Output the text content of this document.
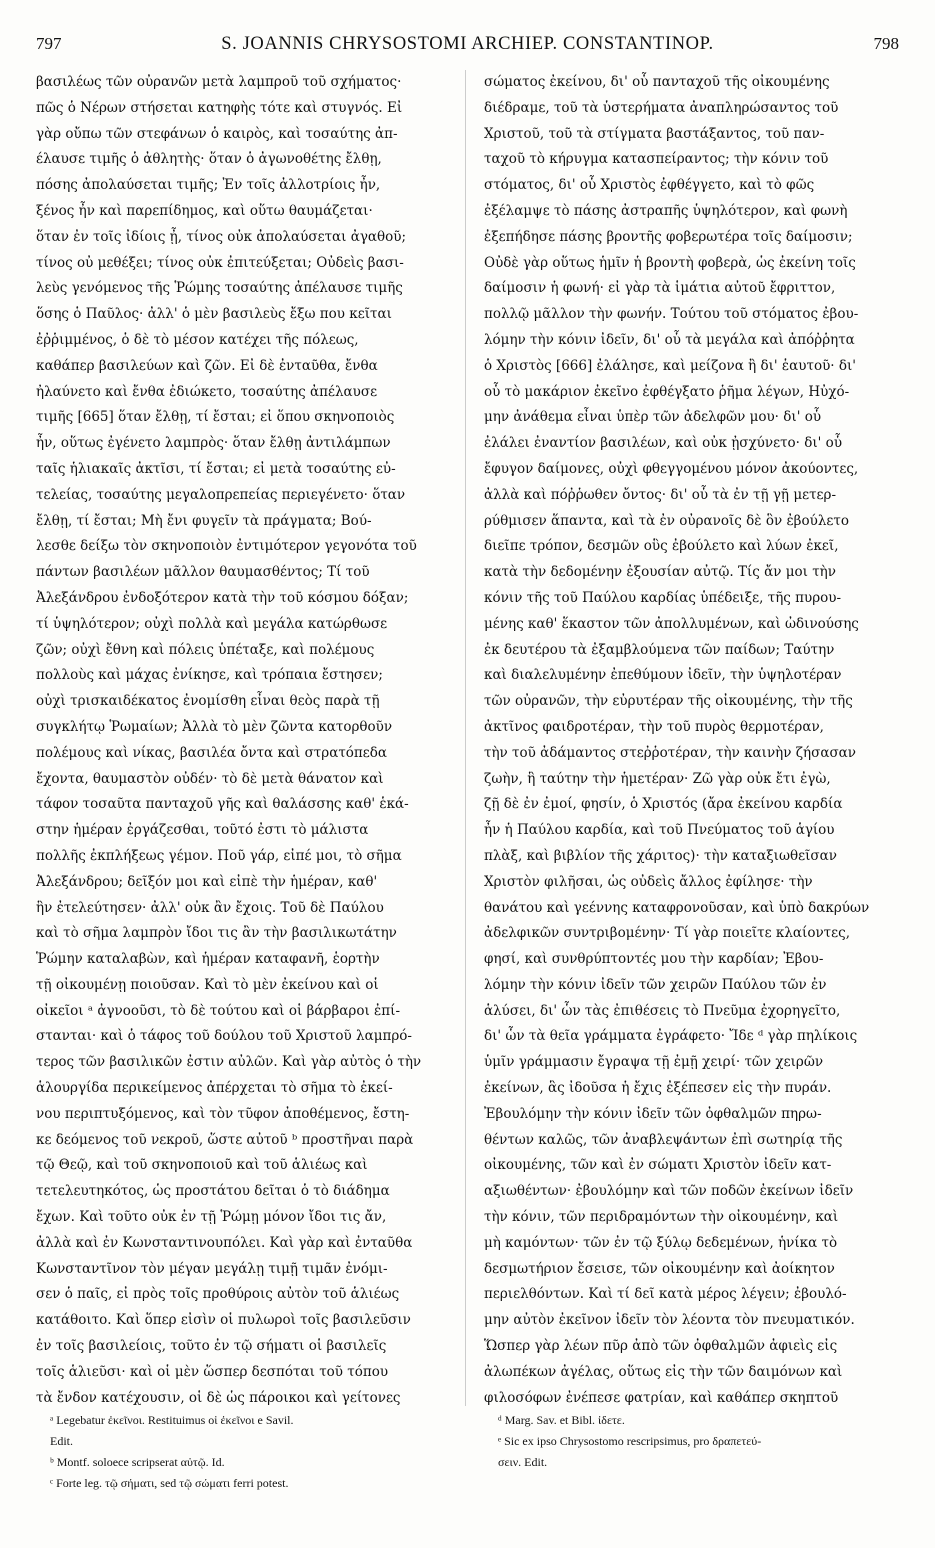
797	S. JOANNIS CHRYSOSTOMI ARCHIEP. CONSTANTINOP.	798
βασιλέως τῶν οὐρανῶν μετὰ λαμπροῦ τοῦ σχήματος·
πῶς ὁ Νέρων στήσεται κατηφὴς τότε καὶ στυγνός. Εἰ
γὰρ οὔπω τῶν στεφάνων ὁ καιρὸς, καὶ τοσαύτης ἀπ-
έλαυσε τιμῆς ὁ ἀθλητὴς· ὅταν ὁ ἀγωνοθέτης ἔλθῃ,
πόσης ἀπολαύσεται τιμῆς; Ἐν τοῖς ἀλλοτρίοις ἦν,
ξένος ἦν καὶ παρεπίδημος, καὶ οὕτω θαυμάζεται·
ὅταν ἐν τοῖς ἰδίοις ᾖ, τίνος οὐκ ἀπολαύσεται ἀγαθοῦ;
τίνος οὐ μεθέξει; τίνος οὐκ ἐπιτεύξεται; Οὐδεὶς βασι-
λεὺς γενόμενος τῆς Ῥώμης τοσαύτης ἀπέλαυσε τιμῆς
ὅσης ὁ Παῦλος· ἀλλ' ὁ μὲν βασιλεὺς ἔξω που κεῖται
ἐῤῥιμμένος, ὁ δὲ τὸ μέσον κατέχει τῆς πόλεως,
καθάπερ βασιλεύων καὶ ζῶν. Εἰ δὲ ἐνταῦθα, ἔνθα
ἠλαύνετο καὶ ἔνθα ἐδιώκετο, τοσαύτης ἀπέλαυσε
τιμῆς [665] ὅταν ἔλθῃ, τί ἔσται; εἰ ὅπου σκηνοποιὸς
ἦν, οὕτως ἐγένετο λαμπρὸς· ὅταν ἔλθῃ ἀντιλάμπων
ταῖς ἡλιακαῖς ἀκτῖσι, τί ἔσται; εἰ μετὰ τοσαύτης εὐ-
τελείας, τοσαύτης μεγαλοπρεπείας περιεγένετο· ὅταν
ἔλθῃ, τί ἔσται; Μὴ ἔνι φυγεῖν τὰ πράγματα; Βού-
λεσθε δείξω τὸν σκηνοποιὸν ἐντιμότερον γεγονότα τοῦ
πάντων βασιλέων μᾶλλον θαυμασθέντος; Τί τοῦ
Ἀλεξάνδρου ἐνδοξότερον κατὰ τὴν τοῦ κόσμου δόξαν;
τί ὑψηλότερον; οὐχὶ πολλὰ καὶ μεγάλα κατώρθωσε
ζῶν; οὐχὶ ἔθνη καὶ πόλεις ὑπέταξε, καὶ πολέμους
πολλοὺς καὶ μάχας ἐνίκησε, καὶ τρόπαια ἔστησεν;
οὐχὶ τρισκαιδέκατος ἐνομίσθη εἶναι θεὸς παρὰ τῇ
συγκλήτῳ Ῥωμαίων; Ἀλλὰ τὸ μὲν ζῶντα κατορθοῦν
πολέμους καὶ νίκας, βασιλέα ὄντα καὶ στρατόπεδα
ἔχοντα, θαυμαστὸν οὐδέν· τὸ δὲ μετὰ θάνατον καὶ
τάφον τοσαῦτα πανταχοῦ γῆς καὶ θαλάσσης καθ' ἑκά-
στην ἡμέραν ἐργάζεσθαι, τοῦτό ἐστι τὸ μάλιστα
πολλῆς ἐκπλήξεως γέμον. Ποῦ γάρ, εἰπέ μοι, τὸ σῆμα
Ἀλεξάνδρου; δεῖξόν μοι καὶ εἰπὲ τὴν ἡμέραν, καθ'
ἣν ἐτελεύτησεν· ἀλλ' οὐκ ἂν ἔχοις. Τοῦ δὲ Παύλου
καὶ τὸ σῆμα λαμπρὸν ἴδοι τις ἂν τὴν βασιλικωτάτην
Ῥώμην καταλαβὼν, καὶ ἡμέραν καταφανῆ, ἑορτὴν
τῇ οἰκουμένῃ ποιοῦσαν. Καὶ τὸ μὲν ἐκείνου καὶ οἱ
οἰκεῖοι ᵃ ἀγνοοῦσι, τὸ δὲ τούτου καὶ οἱ βάρβαροι ἐπί-
στανται· καὶ ὁ τάφος τοῦ δούλου τοῦ Χριστοῦ λαμπρό-
τερος τῶν βασιλικῶν ἐστιν αὐλῶν. Καὶ γὰρ αὐτὸς ὁ τὴν
ἁλουργίδα περικείμενος ἀπέρχεται τὸ σῆμα τὸ ἐκεί-
νου περιπτυξόμενος, καὶ τὸν τῦφον ἀποθέμενος, ἔστη-
κε δεόμενος τοῦ νεκροῦ, ὥστε αὐτοῦ ᵇ προστῆναι παρὰ
τῷ Θεῷ, καὶ τοῦ σκηνοποιοῦ καὶ τοῦ ἁλιέως καὶ
τετελευτηκότος, ὡς προστάτου δεῖται ὁ τὸ διάδημα
ἔχων. Καὶ τοῦτο οὐκ ἐν τῇ Ῥώμῃ μόνον ἴδοι τις ἄν,
ἀλλὰ καὶ ἐν Κωνσταντινουπόλει. Καὶ γὰρ καὶ ἐνταῦθα
Κωνσταντῖνον τὸν μέγαν μεγάλῃ τιμῇ τιμᾶν ἐνόμι-
σεν ὁ παῖς, εἰ πρὸς τοῖς προθύροις αὐτὸν τοῦ ἁλιέως
κατάθοιτο. Καὶ ὅπερ εἰσὶν οἱ πυλωροὶ τοῖς βασιλεῦσιν
ἐν τοῖς βασιλείοις, τοῦτο ἐν τῷ σήματι οἱ βασιλεῖς
τοῖς ἁλιεῦσι· καὶ οἱ μὲν ὥσπερ δεσπόται τοῦ τόπου
τὰ ἔνδον κατέχουσιν, οἱ δὲ ὡς πάροικοι καὶ γείτονες
σώματος ἐκείνου, δι' οὗ πανταχοῦ τῆς οἰκουμένης
διέδραμε, τοῦ τὰ ὑστερήματα ἀναπληρώσαντος τοῦ
Χριστοῦ, τοῦ τὰ στίγματα βαστάξαντος, τοῦ παν-
ταχοῦ τὸ κήρυγμα κατασπείραντος; τὴν κόνιν τοῦ
στόματος, δι' οὗ Χριστὸς ἐφθέγγετο, καὶ τὸ φῶς
ἐξέλαμψε τὸ πάσης ἀστραπῆς ὑψηλότερον, καὶ φωνὴ
ἐξεπήδησε πάσης βροντῆς φοβερωτέρα τοῖς δαίμοσιν;
Οὐδὲ γὰρ οὕτως ἡμῖν ἡ βροντὴ φοβερὰ, ὡς ἐκείνη τοῖς
δαίμοσιν ἡ φωνή· εἰ γὰρ τὰ ἱμάτια αὐτοῦ ἔφριττον,
πολλῷ μᾶλλον τὴν φωνήν. Τούτου τοῦ στόματος ἐβου-
λόμην τὴν κόνιν ἰδεῖν, δι' οὗ τὰ μεγάλα καὶ ἀπόῤῥητα
ὁ Χριστὸς [666] ἐλάλησε, καὶ μείζονα ἢ δι' ἑαυτοῦ· δι'
οὗ τὸ μακάριον ἐκεῖνο ἐφθέγξατο ῥῆμα λέγων, Ηὐχό-
μην ἀνάθεμα εἶναι ὑπὲρ τῶν ἀδελφῶν μου· δι' οὗ
ἐλάλει ἐναντίον βασιλέων, καὶ οὐκ ᾐσχύνετο· δι' οὗ
ἔφυγον δαίμονες, οὐχὶ φθεγγομένου μόνον ἀκούοντες,
ἀλλὰ καὶ πόῤῥωθεν ὄντος· δι' οὗ τὰ ἐν τῇ γῇ μετερ-
ρύθμισεν ἅπαντα, καὶ τὰ ἐν οὐρανοῖς δὲ ὃν ἐβούλετο
διεῖπε τρόπον, δεσμῶν οὓς ἐβούλετο καὶ λύων ἐκεῖ,
κατὰ τὴν δεδομένην ἐξουσίαν αὐτῷ. Τίς ἄν μοι τὴν
κόνιν τῆς τοῦ Παύλου καρδίας ὑπέδειξε, τῆς πυρου-
μένης καθ' ἕκαστον τῶν ἀπολλυμένων, καὶ ὠδινούσης
ἐκ δευτέρου τὰ ἐξαμβλούμενα τῶν παίδων; Ταύτην
καὶ διαλελυμένην ἐπεθύμουν ἰδεῖν, τὴν ὑψηλοτέραν
τῶν οὐρανῶν, τὴν εὐρυτέραν τῆς οἰκουμένης, τὴν τῆς
ἀκτῖνος φαιδροτέραν, τὴν τοῦ πυρὸς θερμοτέραν,
τὴν τοῦ ἀδάμαντος στεῤῥοτέραν, τὴν καινὴν ζήσασαν
ζωὴν, ἣ ταύτην τὴν ἡμετέραν· Ζῶ γὰρ οὐκ ἔτι ἐγὼ,
ζῇ δὲ ἐν ἐμοί, φησίν, ὁ Χριστός (ἄρα ἐκείνου καρδία
ἦν ἡ Παύλου καρδία, καὶ τοῦ Πνεύματος τοῦ ἁγίου
πλὰξ, καὶ βιβλίον τῆς χάριτος)· τὴν καταξιωθεῖσαν
Χριστὸν φιλῆσαι, ὡς οὐδεὶς ἄλλος ἐφίλησε· τὴν
θανάτου καὶ γεέννης καταφρονοῦσαν, καὶ ὑπὸ δακρύων
ἀδελφικῶν συντριβομένην· Τί γὰρ ποιεῖτε κλαίοντες,
φησί, καὶ συνθρύπτοντές μου τὴν καρδίαν; Ἐβου-
λόμην τὴν κόνιν ἰδεῖν τῶν χειρῶν Παύλου τῶν ἐν
ἁλύσει, δι' ὧν τὰς ἐπιθέσεις τὸ Πνεῦμα ἐχορηγεῖτο,
δι' ὧν τὰ θεῖα γράμματα ἐγράφετο· Ἴδε ᵈ γὰρ πηλίκοις
ὑμῖν γράμμασιν ἔγραψα τῇ ἐμῇ χειρί· τῶν χειρῶν
ἐκείνων, ἃς ἰδοῦσα ἡ ἔχις ἐξέπεσεν εἰς τὴν πυράν.
Ἐβουλόμην τὴν κόνιν ἰδεῖν τῶν ὀφθαλμῶν πηρω-
θέντων καλῶς, τῶν ἀναβλεψάντων ἐπὶ σωτηρίᾳ τῆς
οἰκουμένης, τῶν καὶ ἐν σώματι Χριστὸν ἰδεῖν κατ-
αξιωθέντων· ἐβουλόμην καὶ τῶν ποδῶν ἐκείνων ἰδεῖν
τὴν κόνιν, τῶν περιδραμόντων τὴν οἰκουμένην, καὶ
μὴ καμόντων· τῶν ἐν τῷ ξύλῳ δεδεμένων, ἡνίκα τὸ
δεσμωτήριον ἔσεισε, τῶν οἰκουμένην καὶ ἀοίκητον
περιελθόντων. Καὶ τί δεῖ κατὰ μέρος λέγειν; ἐβουλό-
μην αὐτὸν ἐκεῖνον ἰδεῖν τὸν λέοντα τὸν πνευματικόν.
Ὥσπερ γὰρ λέων πῦρ ἀπὸ τῶν ὀφθαλμῶν ἀφιεὶς εἰς
ἀλωπέκων ἀγέλας, οὕτως εἰς τὴν τῶν δαιμόνων καὶ
φιλοσόφων ἐνέπεσε φατρίαν, καὶ καθάπερ σκηπτοῦ
ᵃ Legebatur ἐκεῖνοι. Restituimus οἱ ἐκεῖνοι e Savil.
Edit.
ᵇ Montf. soloece scripserat αὐτῷ. Id.
ᶜ Forte leg. τῷ σήματι, sed τῷ σώματι ferri potest.
ᵈ Marg. Sav. et Bibl. ἰδετε.
ᵉ Sic ex ipso Chrysostomo rescripsimus, pro δραπετεύ-
σειν. Edit.
